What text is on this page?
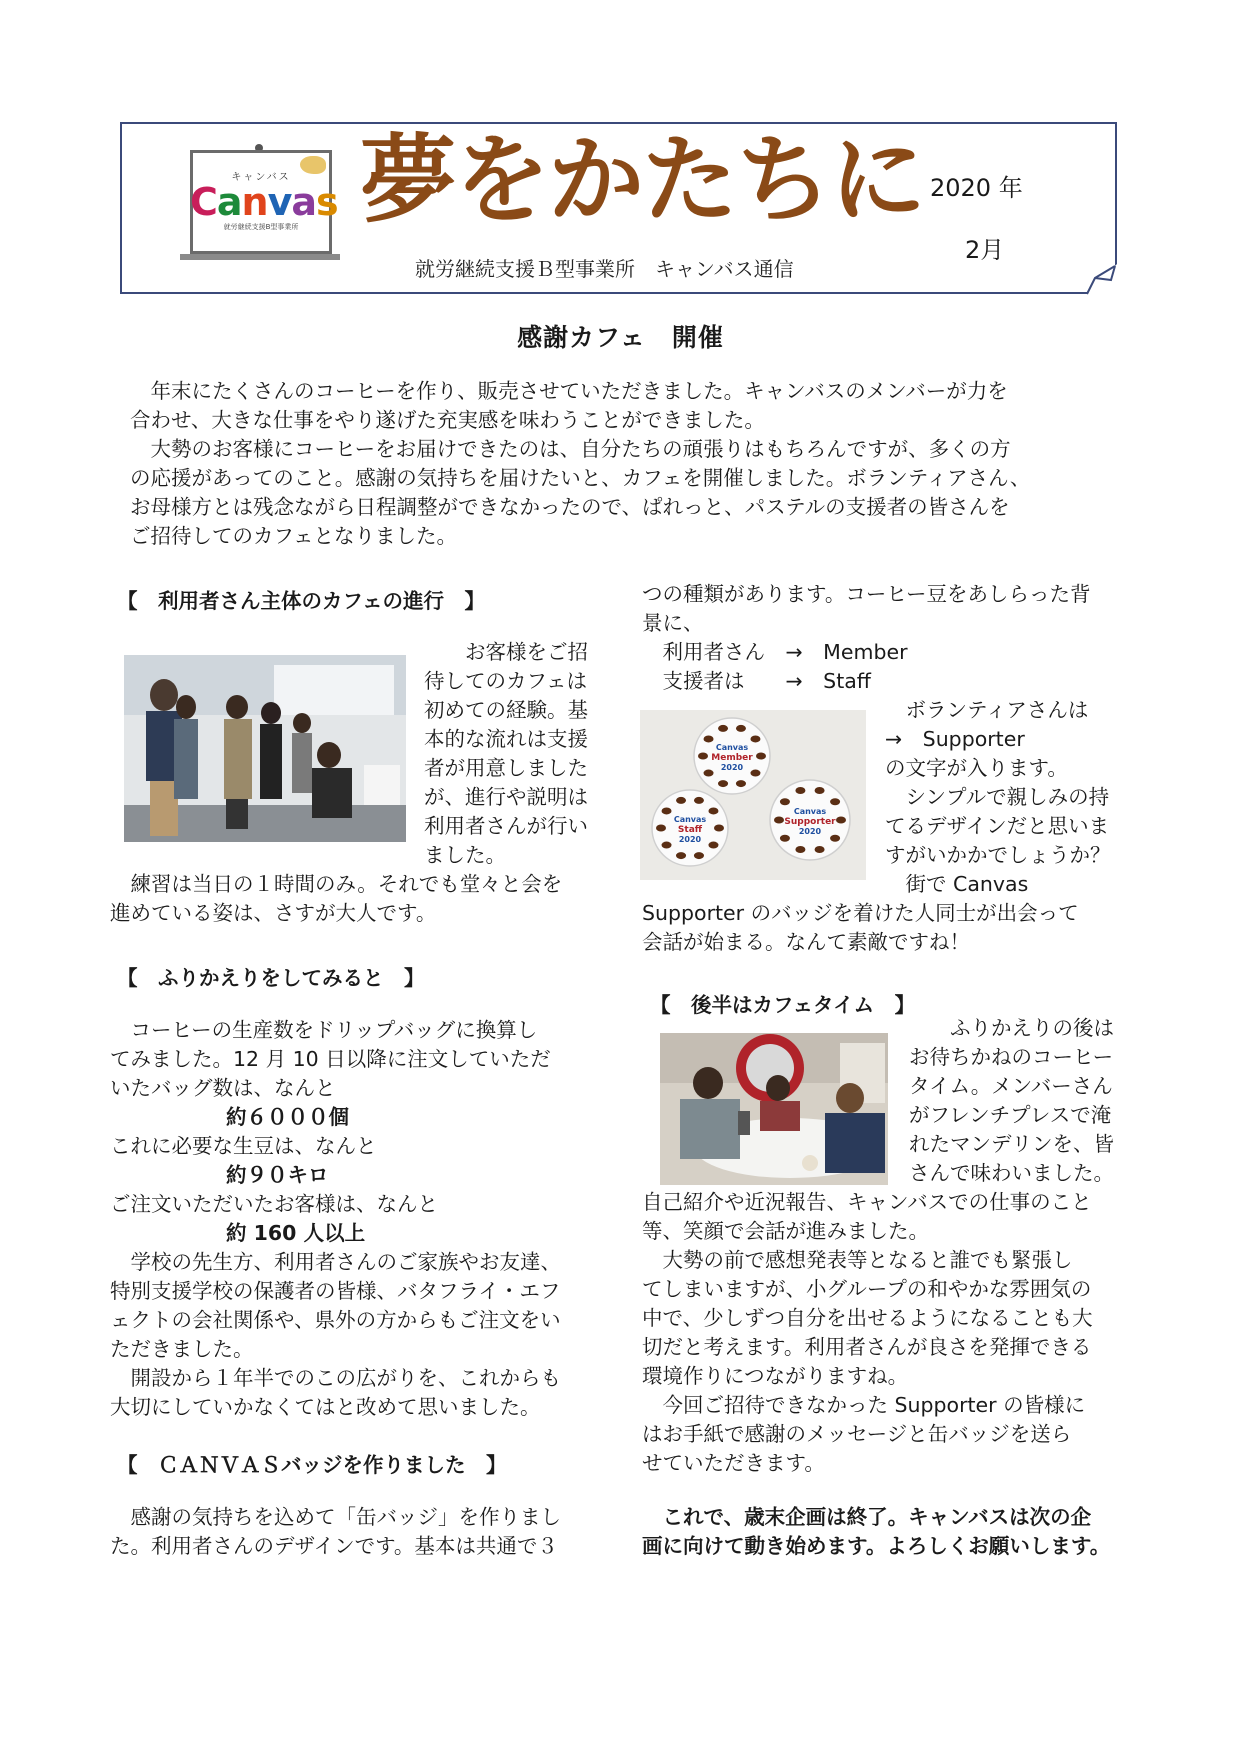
キャンバス
Canvas
就労継続支援B型事業所 夢をかたちに
就労継続支援Ｂ型事業所　キャンバス通信
2020 年
2月
感謝カフェ　開催
　年末にたくさんのコーヒーを作り、販売させていただきました。キャンバスのメンバーが力を
合わせ、大きな仕事をやり遂げた充実感を味わうことができました。
　大勢のお客様にコーヒーをお届けできたのは、自分たちの頑張りはもちろんですが、多くの方
の応援があってのこと。感謝の気持ちを届けたいと、カフェを開催しました。ボランティアさん、
お母様方とは残念ながら日程調整ができなかったので、ぱれっと、パステルの支援者の皆さんを
ご招待してのカフェとなりました。
【　利用者さん主体のカフェの進行　】
　　お客様をご招
待してのカフェは
初めての経験。基
本的な流れは支援
者が用意しました
が、進行や説明は
利用者さんが行い
ました。
　練習は当日の１時間のみ。それでも堂々と会を
進めている姿は、さすが大人です。
【　ふりかえりをしてみると　】
　コーヒーの生産数をドリップバッグに換算し
てみました。12 月 10 日以降に注文していただ
いたバッグ数は、なんと
約６０００個
これに必要な生豆は、なんと
約９０キロ
ご注文いただいたお客様は、なんと
約 160 人以上
　学校の先生方、利用者さんのご家族やお友達、
特別支援学校の保護者の皆様、バタフライ・エフ
ェクトの会社関係や、県外の方からもご注文をい
ただきました。
　開設から１年半でのこの広がりを、これからも
大切にしていかなくてはと改めて思いました。
【　ＣＡＮＶＡＳバッジを作りました　】
　感謝の気持ちを込めて「缶バッジ」を作りまし
た。利用者さんのデザインです。基本は共通で３
つの種類があります。コーヒー豆をあしらった背
景に、
　利用者さん　→　Member
　支援者は　　→　Staff
Canvas
Member
2020
Canvas
Staff
2020
Canvas
Supporter
2020
　ボランティアさんは
→　Supporter
の文字が入ります。
　シンプルで親しみの持
てるデザインだと思いま
すがいかかでしょうか？
　街で Canvas
Supporter のバッジを着けた人同士が出会って
会話が始まる。なんて素敵ですね！
【　後半はカフェタイム　】
　　ふりかえりの後は
お待ちかねのコーヒー
タイム。メンバーさん
がフレンチプレスで淹
れたマンデリンを、皆
さんで味わいました。
自己紹介や近況報告、キャンバスでの仕事のこと
等、笑顔で会話が進みました。
　大勢の前で感想発表等となると誰でも緊張し
てしまいますが、小グループの和やかな雰囲気の
中で、少しずつ自分を出せるようになることも大
切だと考えます。利用者さんが良さを発揮できる
環境作りにつながりますね。
　今回ご招待できなかった Supporter の皆様に
はお手紙で感謝のメッセージと缶バッジを送ら
せていただきます。
　これで、歳末企画は終了。キャンバスは次の企
画に向けて動き始めます。よろしくお願いします。
